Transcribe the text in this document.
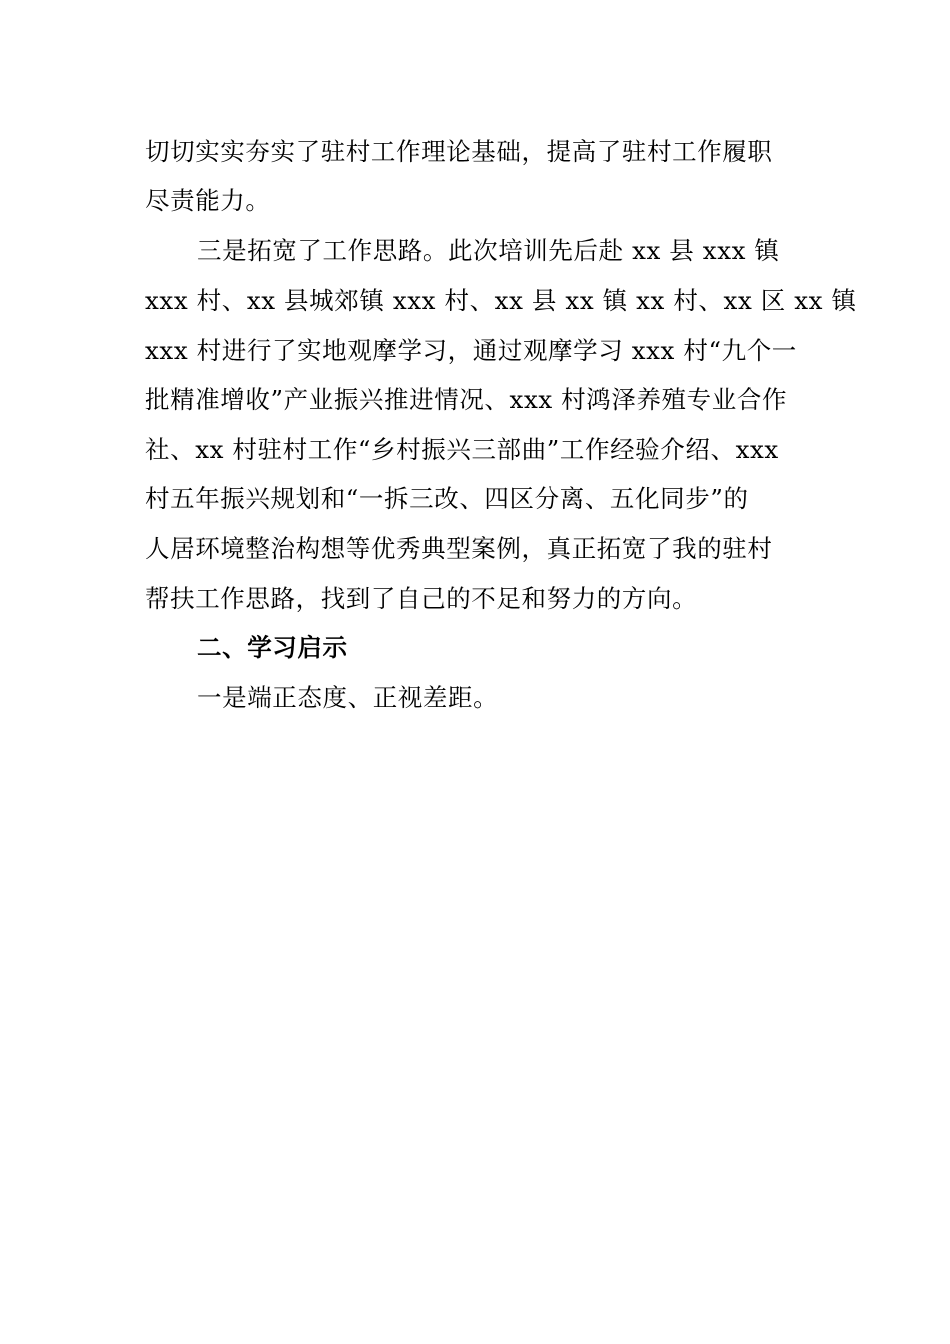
切切实实夯实了驻村工作理论基础，提高了驻村工作履职
尽责能力。
三是拓宽了工作思路。此次培训先后赴 xx 县 xxx 镇
xxx 村、xx 县城郊镇 xxx 村、xx 县 xx 镇 xx 村、xx 区 xx 镇
xxx 村进行了实地观摩学习，通过观摩学习 xxx 村“九个一
批精准增收”产业振兴推进情况、xxx 村鸿泽养殖专业合作
社、xx 村驻村工作“乡村振兴三部曲”工作经验介绍、xxx
村五年振兴规划和“一拆三改、四区分离、五化同步”的
人居环境整治构想等优秀典型案例，真正拓宽了我的驻村
帮扶工作思路，找到了自己的不足和努力的方向。
二、学习启示
一是端正态度、正视差距。
